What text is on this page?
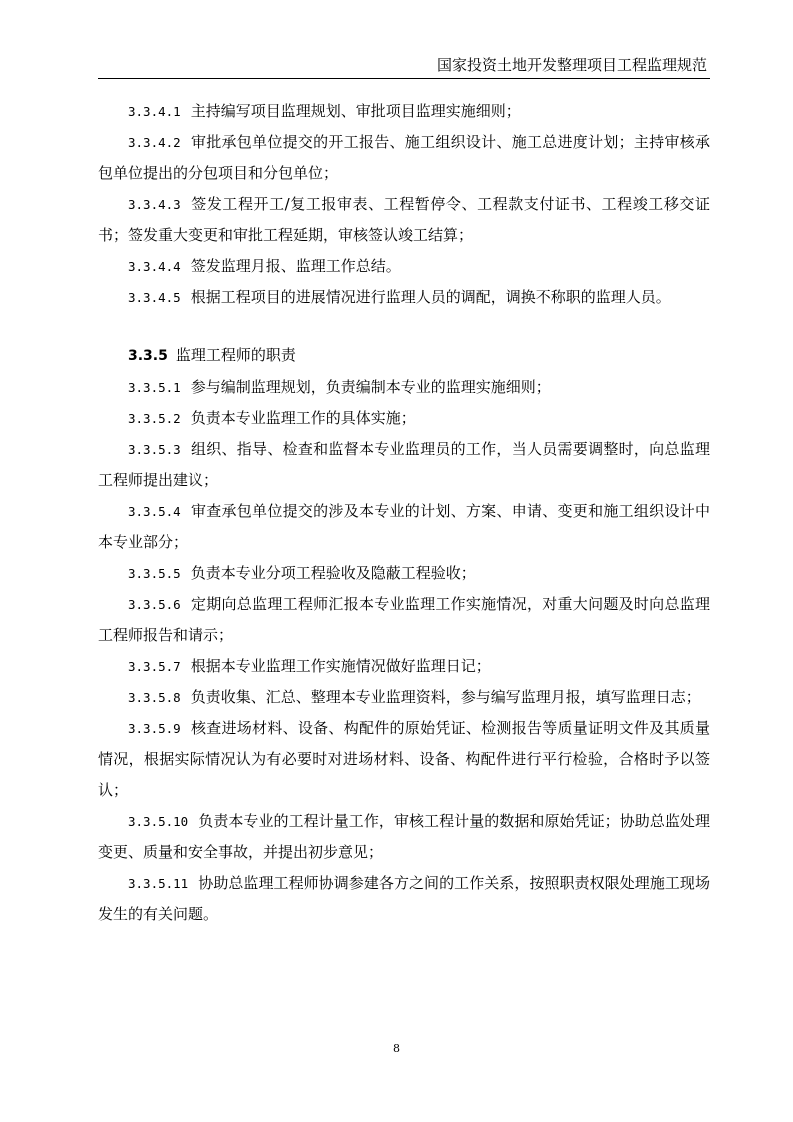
国家投资土地开发整理项目工程监理规范

3.3.4.1 主持编写项目监理规划、审批项目监理实施细则；

3.3.4.2 审批承包单位提交的开工报告、施工组织设计、施工总进度计划；主持审核承包单位提出的分包项目和分包单位；

3.3.4.3 签发工程开工/复工报审表、工程暂停令、工程款支付证书、工程竣工移交证书；签发重大变更和审批工程延期，审核签认竣工结算；

3.3.4.4 签发监理月报、监理工作总结。

3.3.4.5 根据工程项目的进展情况进行监理人员的调配，调换不称职的监理人员。

3.3.5 监理工程师的职责

3.3.5.1 参与编制监理规划，负责编制本专业的监理实施细则；

3.3.5.2 负责本专业监理工作的具体实施；

3.3.5.3 组织、指导、检查和监督本专业监理员的工作，当人员需要调整时，向总监理工程师提出建议；

3.3.5.4 审查承包单位提交的涉及本专业的计划、方案、申请、变更和施工组织设计中本专业部分；

3.3.5.5 负责本专业分项工程验收及隐蔽工程验收；

3.3.5.6 定期向总监理工程师汇报本专业监理工作实施情况，对重大问题及时向总监理工程师报告和请示；

3.3.5.7 根据本专业监理工作实施情况做好监理日记；

3.3.5.8 负责收集、汇总、整理本专业监理资料，参与编写监理月报，填写监理日志；

3.3.5.9 核查进场材料、设备、构配件的原始凭证、检测报告等质量证明文件及其质量情况，根据实际情况认为有必要时对进场材料、设备、构配件进行平行检验，合格时予以签认；

3.3.5.10 负责本专业的工程计量工作，审核工程计量的数据和原始凭证；协助总监处理变更、质量和安全事故，并提出初步意见；

3.3.5.11 协助总监理工程师协调参建各方之间的工作关系，按照职责权限处理施工现场发生的有关问题。

8
